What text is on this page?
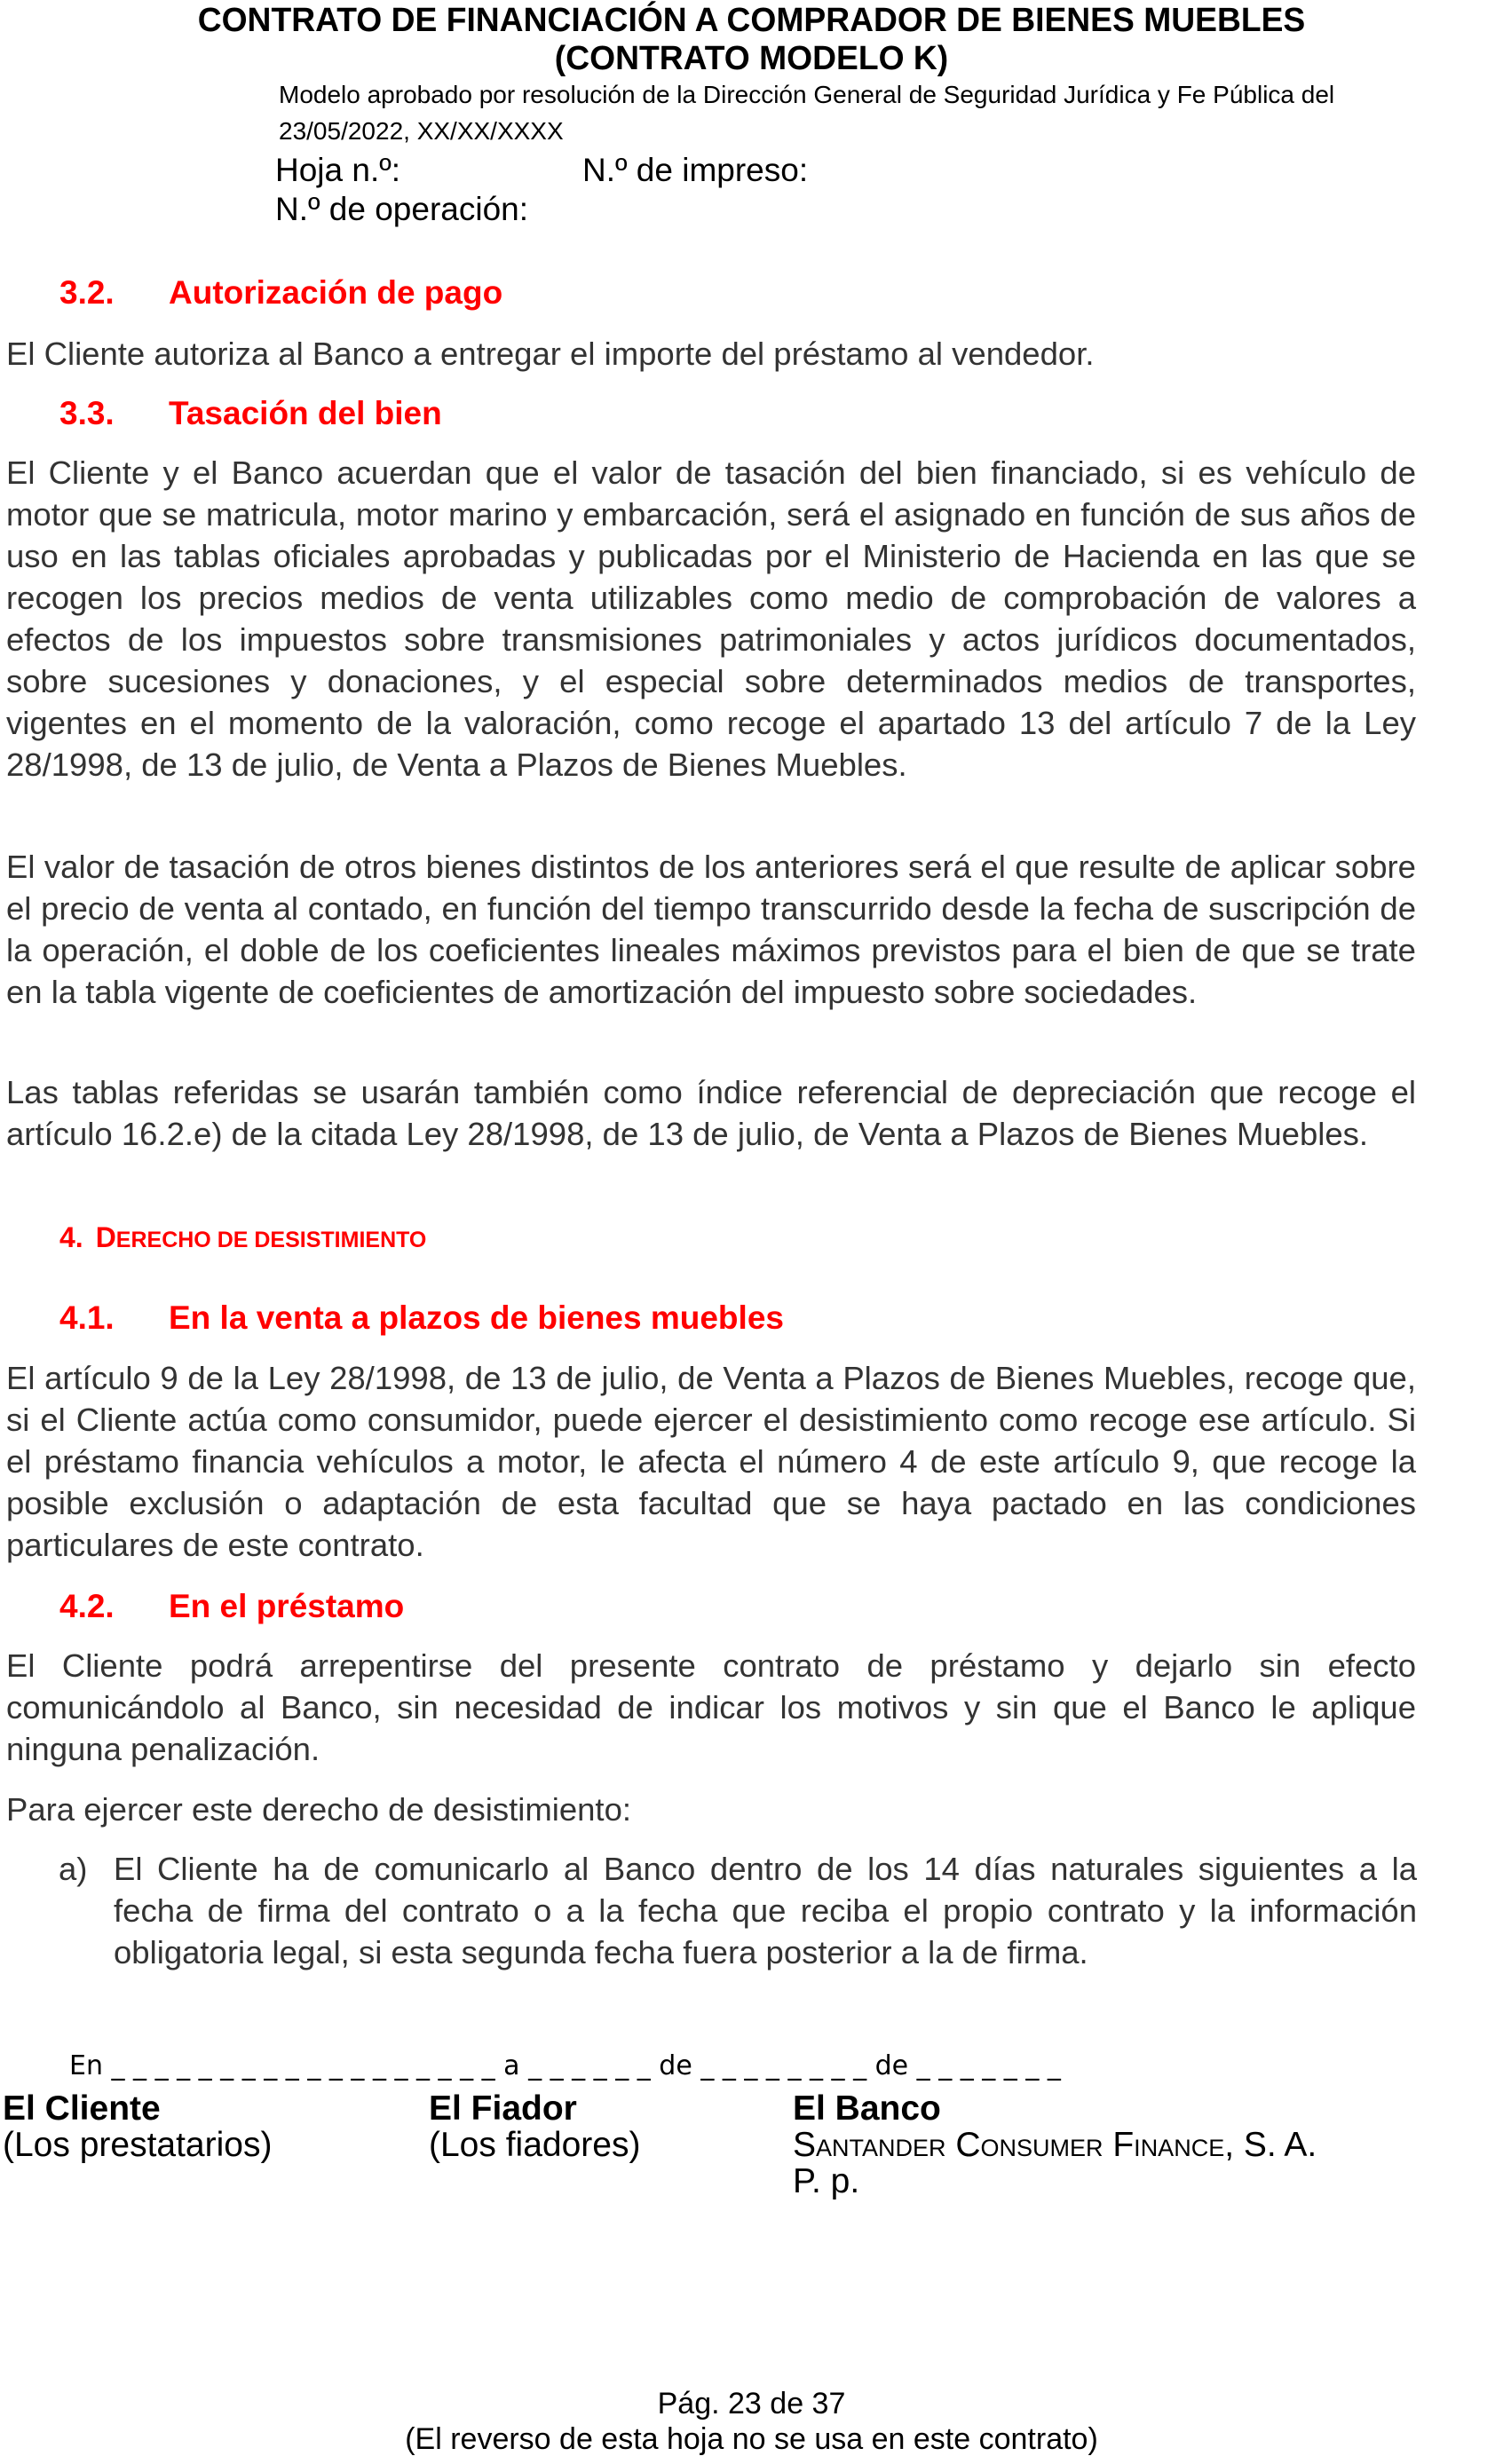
CONTRATO DE FINANCIACIÓN A COMPRADOR DE BIENES MUEBLES
(CONTRATO MODELO K)
Modelo aprobado por resolución de la Dirección General de Seguridad Jurídica y Fe Pública del
23/05/2022, XX/XX/XXXX
Hoja n.º:	N.º de impreso:
N.º de operación:
3.2. Autorización de pago
El Cliente autoriza al Banco a entregar el importe del préstamo al vendedor.
3.3. Tasación del bien
El Cliente y el Banco acuerdan que el valor de tasación del bien financiado, si es vehículo de motor que se matricula, motor marino y embarcación, será el asignado en función de sus años de uso en las tablas oficiales aprobadas y publicadas por el Ministerio de Hacienda en las que se recogen los precios medios de venta utilizables como medio de comprobación de valores a efectos de los impuestos sobre transmisiones patrimoniales y actos jurídicos documentados, sobre sucesiones y donaciones, y el especial sobre determinados medios de transportes, vigentes en el momento de la valoración, como recoge el apartado 13 del artículo 7 de la Ley 28/1998, de 13 de julio, de Venta a Plazos de Bienes Muebles.
El valor de tasación de otros bienes distintos de los anteriores será el que resulte de aplicar sobre el precio de venta al contado, en función del tiempo transcurrido desde la fecha de suscripción de la operación, el doble de los coeficientes lineales máximos previstos para el bien de que se trate en la tabla vigente de coeficientes de amortización del impuesto sobre sociedades.
Las tablas referidas se usarán también como índice referencial de depreciación que recoge el artículo 16.2.e) de la citada Ley 28/1998, de 13 de julio, de Venta a Plazos de Bienes Muebles.
4. DERECHO DE DESISTIMIENTO
4.1. En la venta a plazos de bienes muebles
El artículo 9 de la Ley 28/1998, de 13 de julio, de Venta a Plazos de Bienes Muebles, recoge que, si el Cliente actúa como consumidor, puede ejercer el desistimiento como recoge ese artículo. Si el préstamo financia vehículos a motor, le afecta el número 4 de este artículo 9, que recoge la posible exclusión o adaptación de esta facultad que se haya pactado en las condiciones particulares de este contrato.
4.2. En el préstamo
El Cliente podrá arrepentirse del presente contrato de préstamo y dejarlo sin efecto comunicándolo al Banco, sin necesidad de indicar los motivos y sin que el Banco le aplique ninguna penalización.
Para ejercer este derecho de desistimiento:
a) El Cliente ha de comunicarlo al Banco dentro de los 14 días naturales siguientes a la fecha de firma del contrato o a la fecha que reciba el propio contrato y la información obligatoria legal, si esta segunda fecha fuera posterior a la de firma.
En _ _ _ _ _ _ _ _ _ _ _ _ _ _ _ _ _ _ a _ _ _ _ _ _ de _ _ _ _ _ _ _ _ de _ _ _ _ _ _ _
El Cliente
(Los prestatarios)
El Fiador
(Los fiadores)
El Banco
Santander Consumer Finance, S. A.
P. p.
Pág. 23 de 37
(El reverso de esta hoja no se usa en este contrato)
